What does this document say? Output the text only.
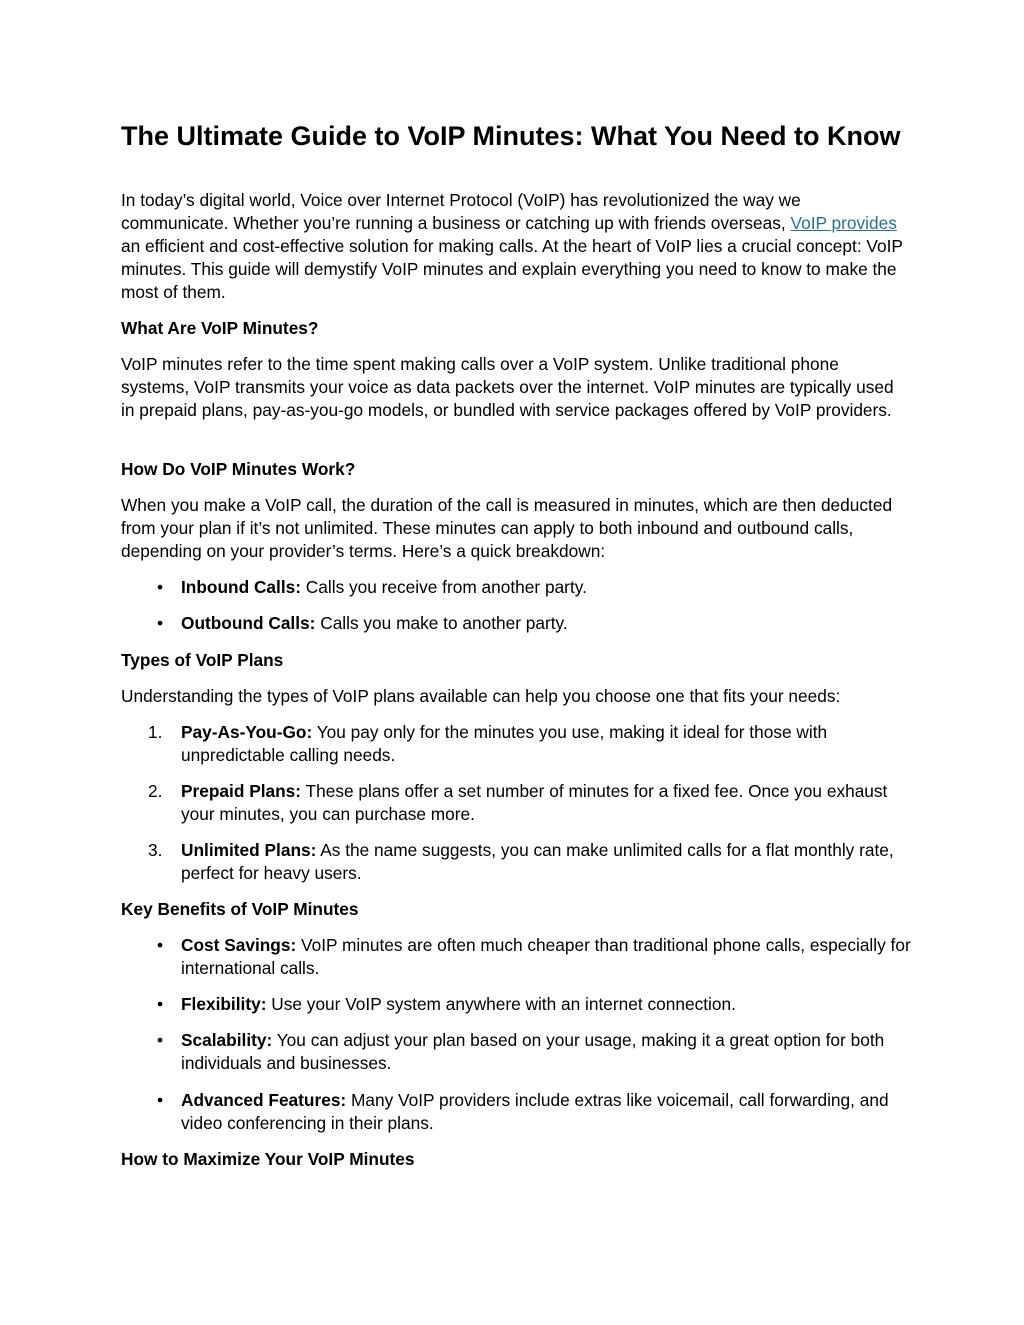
The Ultimate Guide to VoIP Minutes: What You Need to Know

In today’s digital world, Voice over Internet Protocol (VoIP) has revolutionized the way we communicate. Whether you’re running a business or catching up with friends overseas, VoIP provides an efficient and cost-effective solution for making calls. At the heart of VoIP lies a crucial concept: VoIP minutes. This guide will demystify VoIP minutes and explain everything you need to know to make the most of them.

What Are VoIP Minutes?

VoIP minutes refer to the time spent making calls over a VoIP system. Unlike traditional phone systems, VoIP transmits your voice as data packets over the internet. VoIP minutes are typically used in prepaid plans, pay-as-you-go models, or bundled with service packages offered by VoIP providers.

How Do VoIP Minutes Work?

When you make a VoIP call, the duration of the call is measured in minutes, which are then deducted from your plan if it’s not unlimited. These minutes can apply to both inbound and outbound calls, depending on your provider’s terms. Here’s a quick breakdown:

•	Inbound Calls: Calls you receive from another party.
•	Outbound Calls: Calls you make to another party.
Types of VoIP Plans

Understanding the types of VoIP plans available can help you choose one that fits your needs:

1.	Pay-As-You-Go: You pay only for the minutes you use, making it ideal for those with unpredictable calling needs.
2.	Prepaid Plans: These plans offer a set number of minutes for a fixed fee. Once you exhaust your minutes, you can purchase more.
3.	Unlimited Plans: As the name suggests, you can make unlimited calls for a flat monthly rate, perfect for heavy users.
Key Benefits of VoIP Minutes
•	Cost Savings: VoIP minutes are often much cheaper than traditional phone calls, especially for international calls.
•	Flexibility: Use your VoIP system anywhere with an internet connection.
•	Scalability: You can adjust your plan based on your usage, making it a great option for both individuals and businesses.
•	Advanced Features: Many VoIP providers include extras like voicemail, call forwarding, and video conferencing in their plans.
How to Maximize Your VoIP Minutes
